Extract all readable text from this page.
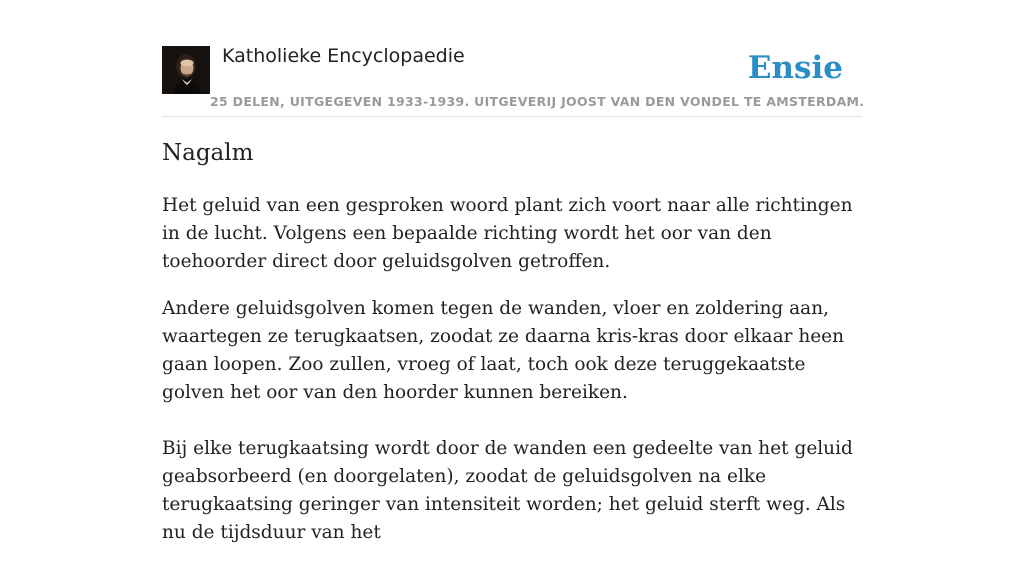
Katholieke Encyclopaedie
25 DELEN, UITGEGEVEN 1933-1939. UITGEVERIJ JOOST VAN DEN VONDEL TE AMSTERDAM.
Ensie
Nagalm

Het geluid van een gesproken woord plant zich voort naar alle richtingen in de lucht. Volgens een bepaalde richting wordt het oor van den toehoorder direct door geluidsgolven getroffen.

Andere geluidsgolven komen tegen de wanden, vloer en zoldering aan, waartegen ze terugkaatsen, zoodat ze daarna kris-kras door elkaar heen gaan loopen. Zoo zullen, vroeg of laat, toch ook deze teruggekaatste golven het oor van den hoorder kunnen bereiken.

Bij elke terugkaatsing wordt door de wanden een gedeelte van het geluid geabsorbeerd (en doorgelaten), zoodat de geluidsgolven na elke terugkaatsing geringer van intensiteit worden; het geluid sterft weg. Als nu de tijdsduur van het
